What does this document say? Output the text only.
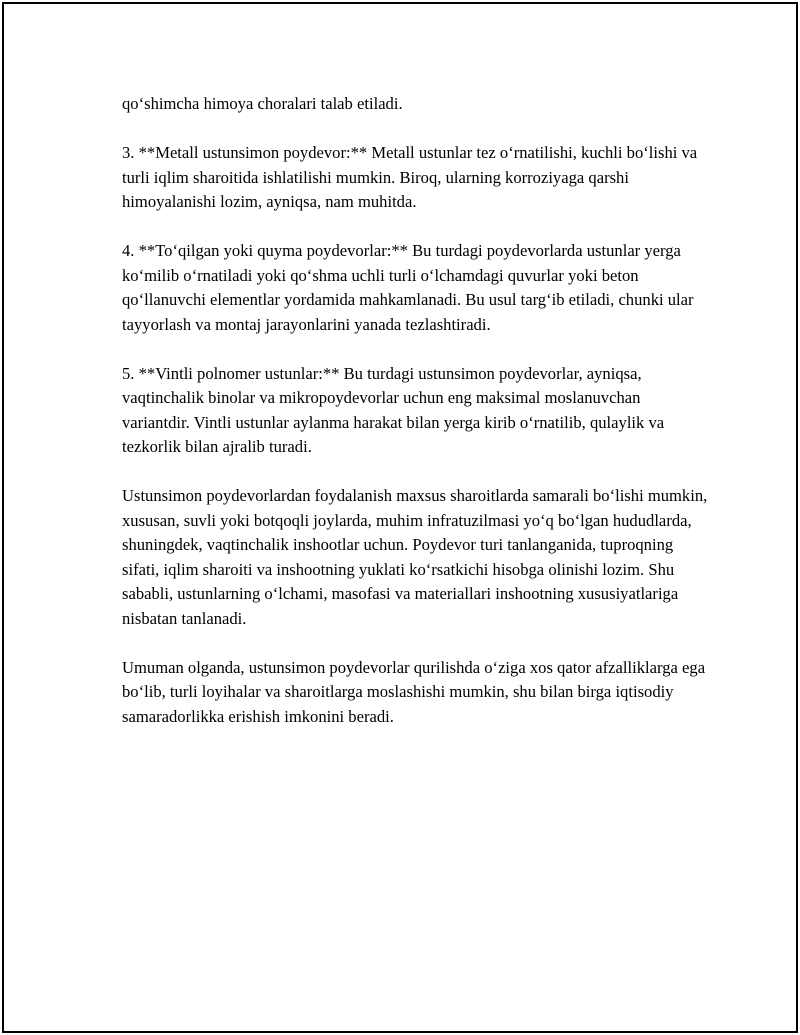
qo‘shimcha himoya choralari talab etiladi.

3. **Metall ustunsimon poydevor:** Metall ustunlar tez o‘rnatilishi, kuchli bo‘lishi va turli iqlim sharoitida ishlatilishi mumkin. Biroq, ularning korroziyaga qarshi himoyalanishi lozim, ayniqsa, nam muhitda.

4. **To‘qilgan yoki quyma poydevorlar:** Bu turdagi poydevorlarda ustunlar yerga ko‘milib o‘rnatiladi yoki qo‘shma uchli turli o‘lchamdagi quvurlar yoki beton qo‘llanuvchi elementlar yordamida mahkamlanadi. Bu usul targ‘ib etiladi, chunki ular tayyorlash va montaj jarayonlarini yanada tezlashtiradi.

5. **Vintli polnomer ustunlar:** Bu turdagi ustunsimon poydevorlar, ayniqsa, vaqtinchalik binolar va mikropoydevorlar uchun eng maksimal moslanuvchan variantdir. Vintli ustunlar aylanma harakat bilan yerga kirib o‘rnatilib, qulaylik va tezkorlik bilan ajralib turadi.

Ustunsimon poydevorlardan foydalanish maxsus sharoitlarda samarali bo‘lishi mumkin, xususan, suvli yoki botqoqli joylarda, muhim infratuzilmasi yo‘q bo‘lgan hududlarda, shuningdek, vaqtinchalik inshootlar uchun. Poydevor turi tanlanganida, tuproqning sifati, iqlim sharoiti va inshootning yuklati ko‘rsatkichi hisobga olinishi lozim. Shu sababli, ustunlarning o‘lchami, masofasi va materiallari inshootning xususiyatlariga nisbatan tanlanadi.

Umuman olganda, ustunsimon poydevorlar qurilishda o‘ziga xos qator afzalliklarga ega bo‘lib, turli loyihalar va sharoitlarga moslashishi mumkin, shu bilan birga iqtisodiy samaradorlikka erishish imkonini beradi.
